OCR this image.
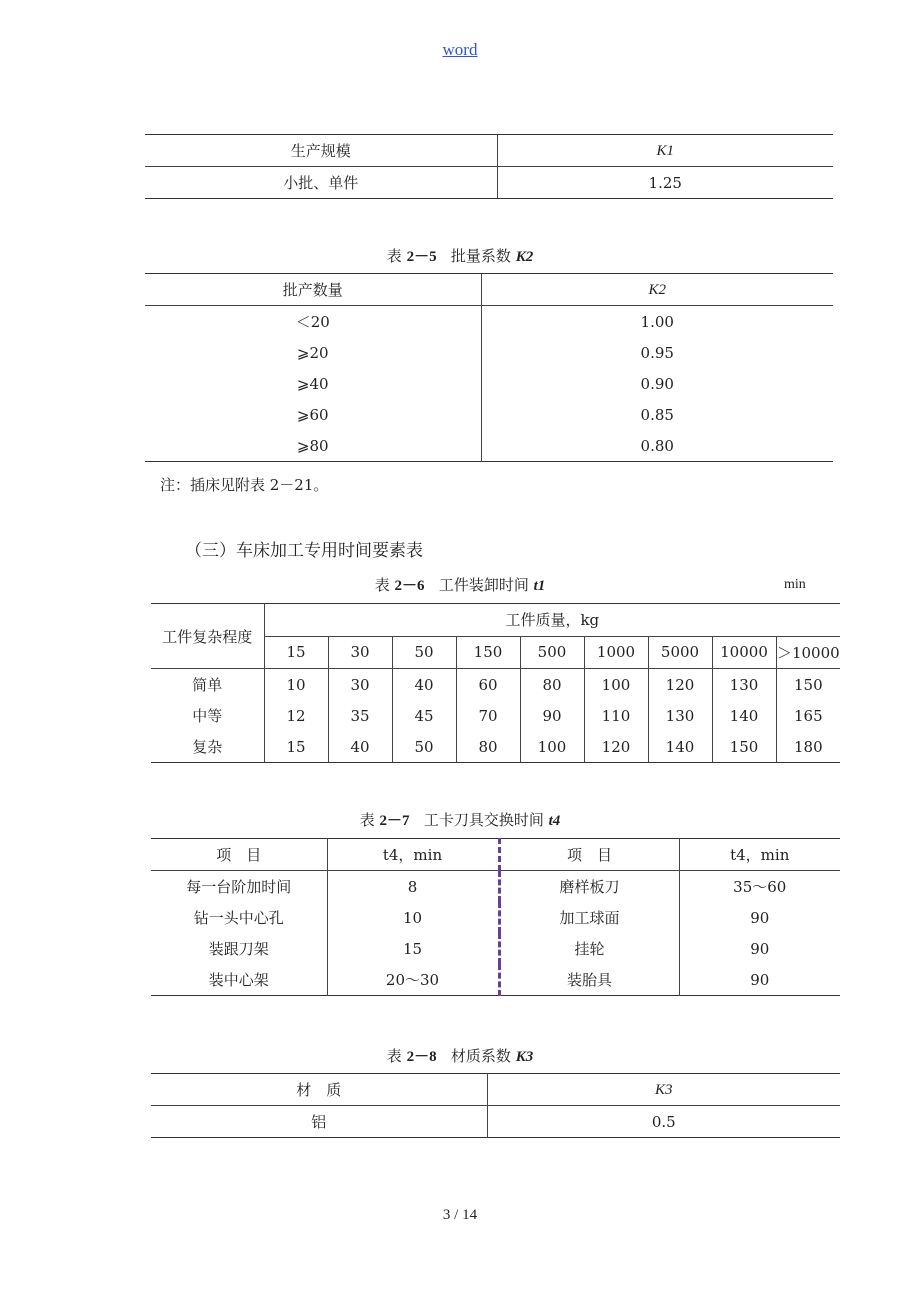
word
生产规模	K1
小批、单件	1.25
表 2－5 批量系数 K2
批产数量	K2
＜20	1.00
⩾20	0.95
⩾40	0.90
⩾60	0.85
⩾80	0.80
注：插床见附表 2－21。
（三）车床加工专用时间要素表
表 2－6 工件装卸时间 t1	min
工件复杂程度	工件质量，kg								
	15	30	50	150	500	1000	5000	10000	＞10000
简单	10	30	40	60	80	100	120	130	150
中等	12	35	45	70	90	110	130	140	165
复杂	15	40	50	80	100	120	140	150	180
表 2－7 工卡刀具交换时间 t4
项　目	t4，min	项　目	t4，min
每一台阶加时间	8	磨样板刀	35～60
钻一头中心孔	10	加工球面	90
装跟刀架	15	挂轮	90
装中心架	20～30	装胎具	90
表 2－8 材质系数 K3
材　质	K3
铝	0.5
3 / 14
